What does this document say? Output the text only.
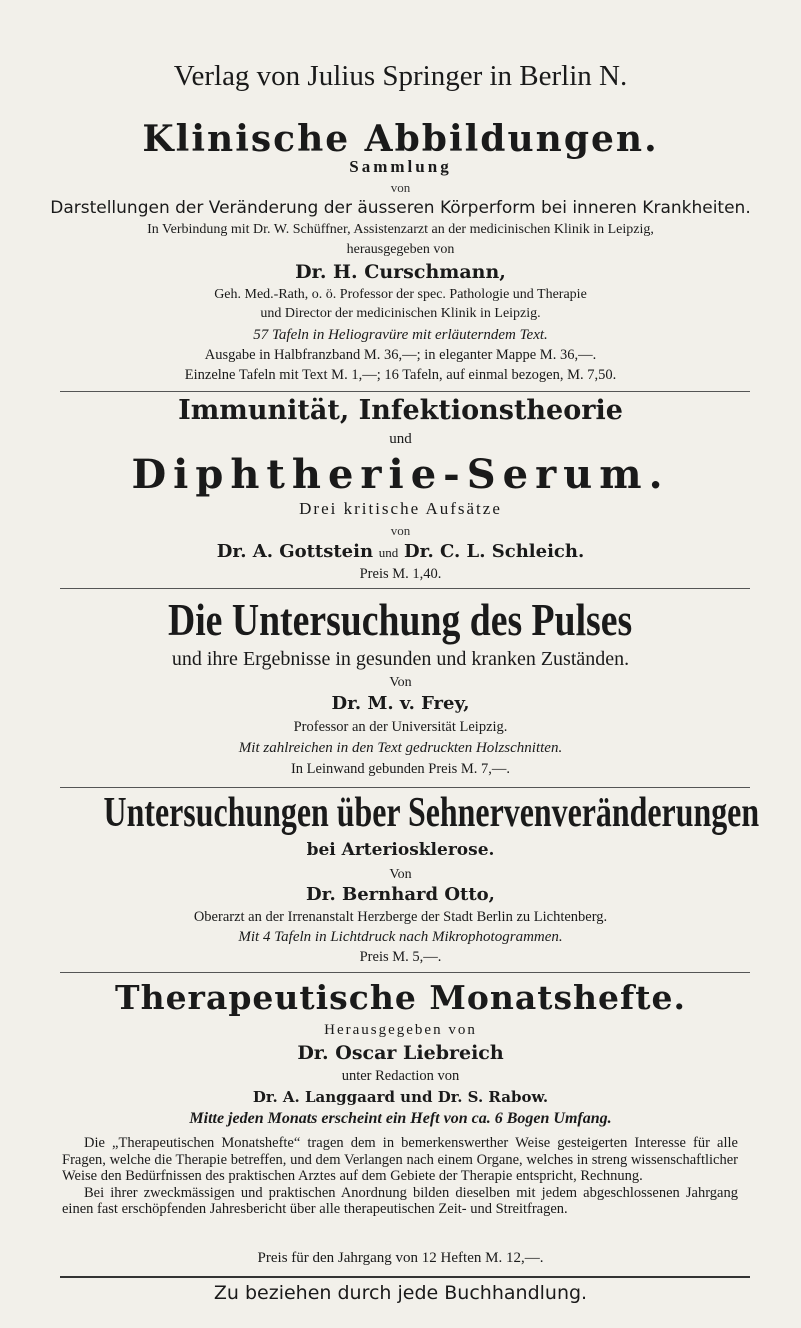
Verlag von Julius Springer in Berlin N.
Klinische Abbildungen.
Sammlung
von
Darstellungen der Veränderung der äusseren Körperform bei inneren Krankheiten.
In Verbindung mit Dr. W. Schüffner, Assistenzarzt an der medicinischen Klinik in Leipzig,
herausgegeben von
Dr. H. Curschmann,
Geh. Med.-Rath, o. ö. Professor der spec. Pathologie und Therapie
und Director der medicinischen Klinik in Leipzig.
57 Tafeln in Heliogravüre mit erläuterndem Text.
Ausgabe in Halbfranzband M. 36,—; in eleganter Mappe M. 36,—.
Einzelne Tafeln mit Text M. 1,—; 16 Tafeln, auf einmal bezogen, M. 7,50.
Immunität, Infektionstheorie
und
Diphtherie-Serum.
Drei kritische Aufsätze
von
Dr. A. Gottstein und Dr. C. L. Schleich.
Preis M. 1,40.
Die Untersuchung des Pulses
und ihre Ergebnisse in gesunden und kranken Zuständen.
Von
Dr. M. v. Frey,
Professor an der Universität Leipzig.
Mit zahlreichen in den Text gedruckten Holzschnitten.
In Leinwand gebunden Preis M. 7,—.
Untersuchungen über Sehnervenveränderungen
bei Arteriosklerose.
Von
Dr. Bernhard Otto,
Oberarzt an der Irrenanstalt Herzberge der Stadt Berlin zu Lichtenberg.
Mit 4 Tafeln in Lichtdruck nach Mikrophotogrammen.
Preis M. 5,—.
Therapeutische Monatshefte.
Herausgegeben von
Dr. Oscar Liebreich
unter Redaction von
Dr. A. Langgaard und Dr. S. Rabow.
Mitte jeden Monats erscheint ein Heft von ca. 6 Bogen Umfang.

Die „Therapeutischen Monatshefte“ tragen dem in bemerkenswerther Weise gesteigerten Interesse für alle Fragen, welche die Therapie betreffen, und dem Verlangen nach einem Organe, welches in streng wissenschaftlicher Weise den Bedürfnissen des praktischen Arztes auf dem Gebiete der Therapie entspricht, Rechnung.

Bei ihrer zweckmässigen und praktischen Anordnung bilden dieselben mit jedem abgeschlossenen Jahrgang einen fast erschöpfenden Jahresbericht über alle therapeutischen Zeit- und Streitfragen.

Preis für den Jahrgang von 12 Heften M. 12,—.
Zu beziehen durch jede Buchhandlung.
